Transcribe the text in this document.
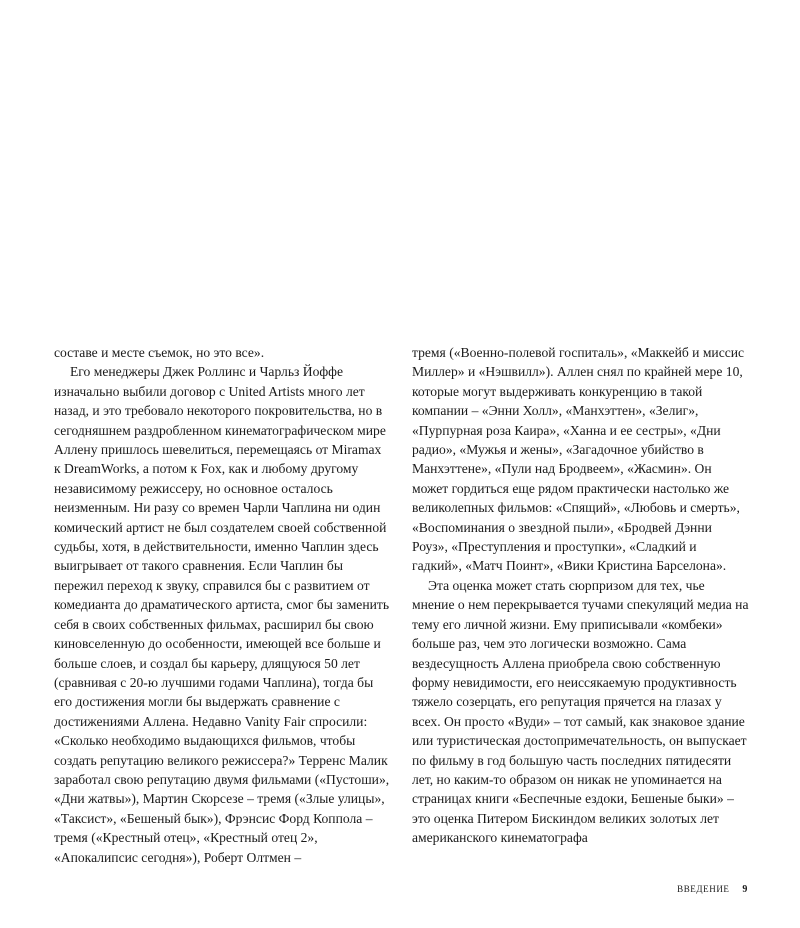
составе и месте съемок, но это все».

Его менеджеры Джек Роллинс и Чарльз Йоффе изначально выбили договор с United Artists много лет назад, и это требовало некоторого покровительства, но в сегодняшнем раздробленном кинематографическом мире Аллену пришлось шевелиться, перемещаясь от Miramax к DreamWorks, а потом к Fox, как и любому другому независимому режиссеру, но основное осталось неизменным. Ни разу со времен Чарли Чаплина ни один комический артист не был создателем своей собственной судьбы, хотя, в действительности, именно Чаплин здесь выигрывает от такого сравнения. Если Чаплин бы пережил переход к звуку, справился бы с развитием от комедианта до драматического артиста, смог бы заменить себя в своих собственных фильмах, расширил бы свою киновселенную до особенности, имеющей все больше и больше слоев, и создал бы карьеру, длящуюся 50 лет (сравнивая с 20-ю лучшими годами Чаплина), тогда бы его достижения могли бы выдержать сравнение с достижениями Аллена. Недавно Vanity Fair спросили: «Сколько необходимо выдающихся фильмов, чтобы создать репутацию великого режиссера?» Терренс Малик заработал свою репутацию двумя фильмами («Пустоши», «Дни жатвы»), Мартин Скорсезе – тремя («Злые улицы», «Таксист», «Бешеный бык»), Фрэнсис Форд Коппола – тремя («Крестный отец», «Крестный отец 2», «Апокалипсис сегодня»), Роберт Олтмен –

тремя («Военно-полевой госпиталь», «Маккейб и миссис Миллер» и «Нэшвилл»). Аллен снял по крайней мере 10, которые могут выдерживать конкуренцию в такой компании – «Энни Холл», «Манхэттен», «Зелиг», «Пурпурная роза Каира», «Ханна и ее сестры», «Дни радио», «Мужья и жены», «Загадочное убийство в Манхэттене», «Пули над Бродвеем», «Жасмин». Он может гордиться еще рядом практически настолько же великолепных фильмов: «Спящий», «Любовь и смерть», «Воспоминания о звездной пыли», «Бродвей Дэнни Роуз», «Преступления и проступки», «Сладкий и гадкий», «Матч Поинт», «Вики Кристина Барселона».

Эта оценка может стать сюрпризом для тех, чье мнение о нем перекрывается тучами спекуляций медиа на тему его личной жизни. Ему приписывали «комбеки» больше раз, чем это логически возможно. Сама вездесущность Аллена приобрела свою собственную форму невидимости, его неиссякаемую продуктивность тяжело созерцать, его репутация прячется на глазах у всех. Он просто «Вуди» – тот самый, как знаковое здание или туристическая достопримечательность, он выпускает по фильму в год большую часть последних пятидесяти лет, но каким-то образом он никак не упоминается на страницах книги «Беспечные ездоки, Бешеные быки» – это оценка Питером Бискиндом великих золотых лет американского кинематографа

ВВЕДЕНИЕ 9
